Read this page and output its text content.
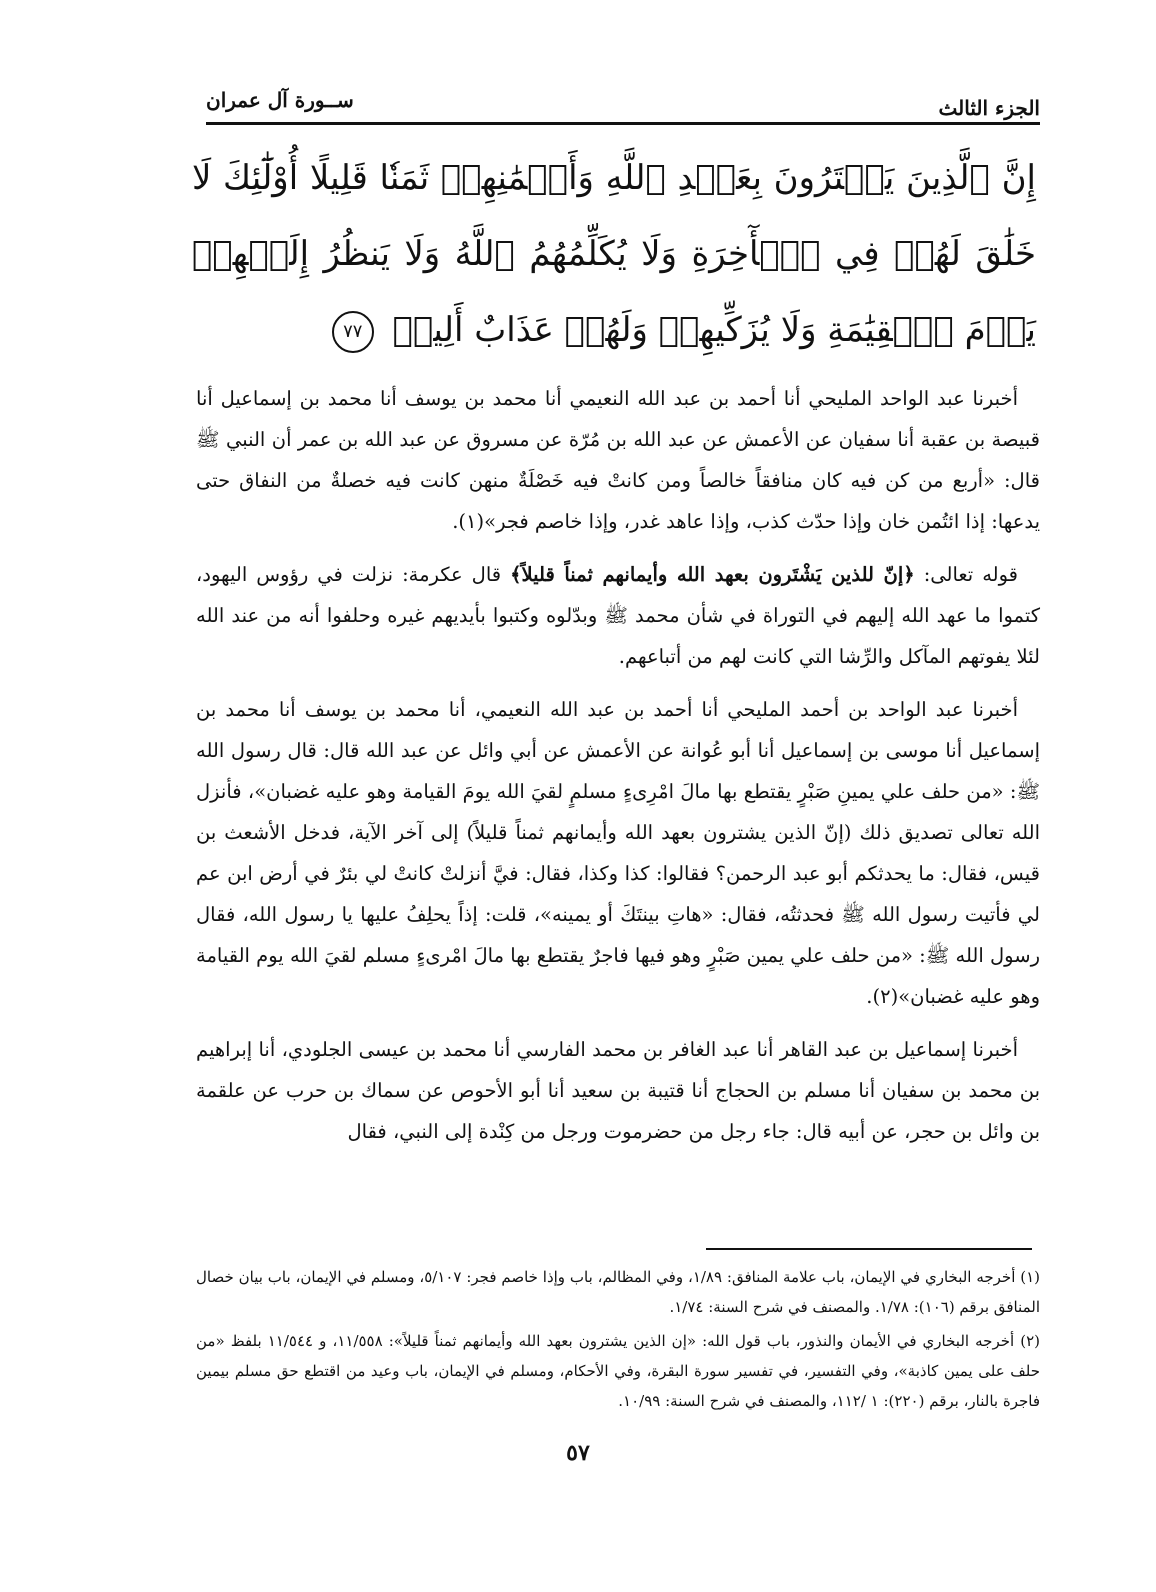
الجزء الثالث
ســورة آل عمران
إِنَّ ٱلَّذِينَ يَشۡتَرُونَ بِعَهۡدِ ٱللَّهِ وَأَيۡمَٰنِهِمۡ ثَمَنٗا قَلِيلًا أُوْلَٰٓئِكَ لَا خَلَٰقَ لَهُمۡ فِي ٱلۡأٓخِرَةِ وَلَا يُكَلِّمُهُمُ ٱللَّهُ وَلَا يَنظُرُ إِلَيۡهِمۡ يَوۡمَ ٱلۡقِيَٰمَةِ وَلَا يُزَكِّيهِمۡ وَلَهُمۡ عَذَابٌ أَلِيمٞ ٧٧

أخبرنا عبد الواحد المليحي أنا أحمد بن عبد الله النعيمي أنا محمد بن يوسف أنا محمد بن إسماعيل أنا قبيصة بن عقبة أنا سفيان عن الأعمش عن عبد الله بن مُرّة عن مسروق عن عبد الله بن عمر أن النبي ﷺ قال: «أربع من كن فيه كان منافقاً خالصاً ومن كانتْ فيه خَصْلَةٌ منهن كانت فيه خصلةٌ من النفاق حتى يدعها: إذا ائتُمن خان وإذا حدّث كذب، وإذا عاهد غدر، وإذا خاصم فجر»(١).

قوله تعالى: ﴿إنّ للذين يَشْتَرون بعهد الله وأيمانهم ثمناً قليلاً﴾ قال عكرمة: نزلت في رؤوس اليهود، كتموا ما عهد الله إليهم في التوراة في شأن محمد ﷺ وبدّلوه وكتبوا بأيديهم غيره وحلفوا أنه من عند الله لئلا يفوتهم المآكل والرِّشا التي كانت لهم من أتباعهم.

أخبرنا عبد الواحد بن أحمد المليحي أنا أحمد بن عبد الله النعيمي، أنا محمد بن يوسف أنا محمد بن إسماعيل أنا موسى بن إسماعيل أنا أبو عُوانة عن الأعمش عن أبي وائل عن عبد الله قال: قال رسول الله ﷺ: «من حلف علي يمينِ صَبْرٍ يقتطع بها مالَ امْرِىءٍ مسلمٍ لقيَ الله يومَ القيامة وهو عليه غضبان»، فأنزل الله تعالى تصديق ذلك (إنّ الذين يشترون بعهد الله وأيمانهم ثمناً قليلاً) إلى آخر الآية، فدخل الأشعث بن قيس، فقال: ما يحدثكم أبو عبد الرحمن؟ فقالوا: كذا وكذا، فقال: فيَّ أنزلتْ كانتْ لي بئرٌ في أرض ابن عم لي فأتيت رسول الله ﷺ فحدثتُه، فقال: «هاتِ بينتَكَ أو يمينه»، قلت: إذاً يحلِفُ عليها يا رسول الله، فقال رسول الله ﷺ: «من حلف علي يمين صَبْرٍ وهو فيها فاجرٌ يقتطع بها مالَ امْرىءٍ مسلم لقيَ الله يوم القيامة وهو عليه غضبان»(٢).

أخبرنا إسماعيل بن عبد القاهر أنا عبد الغافر بن محمد الفارسي أنا محمد بن عيسى الجلودي، أنا إبراهيم بن محمد بن سفيان أنا مسلم بن الحجاج أنا قتيبة بن سعيد أنا أبو الأحوص عن سماك بن حرب عن علقمة بن وائل بن حجر، عن أبيه قال: جاء رجل من حضرموت ورجل من كِنْدة إلى النبي، فقال

(١) أخرجه البخاري في الإيمان، باب علامة المنافق: ١/٨٩، وفي المظالم، باب وإذا خاصم فجر: ٥/١٠٧، ومسلم في الإيمان، باب بيان خصال المنافق برقم (١٠٦): ١/٧٨. والمصنف في شرح السنة: ١/٧٤.

(٢) أخرجه البخاري في الأيمان والنذور، باب قول الله: «إن الذين يشترون بعهد الله وأيمانهم ثمناً قليلاً»: ١١/٥٥٨، و ١١/٥٤٤ بلفظ «من حلف على يمين كاذبة»، وفي التفسير، في تفسير سورة البقرة، وفي الأحكام، ومسلم في الإيمان، باب وعيد من اقتطع حق مسلم بيمين فاجرة بالنار، برقم (٢٢٠): ١ /١١٢، والمصنف في شرح السنة: ١٠/٩٩.

٥٧
